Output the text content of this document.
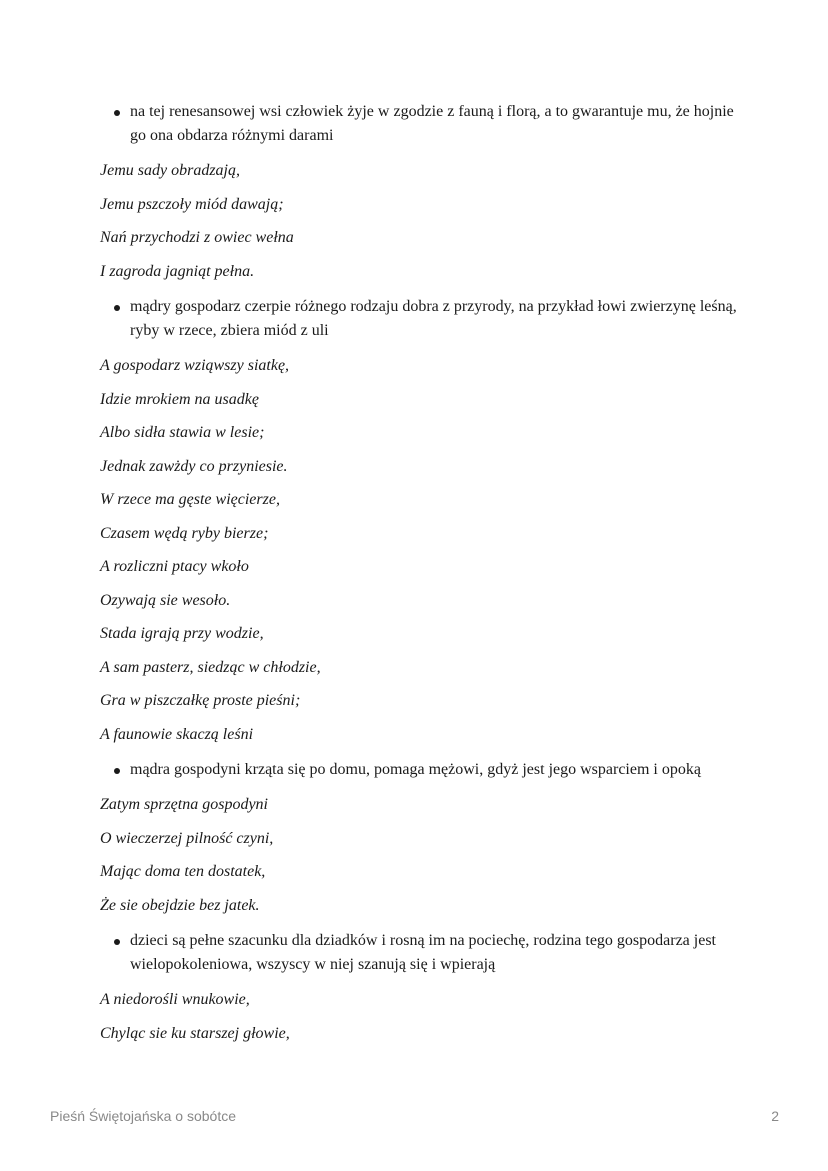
na tej renesansowej wsi człowiek żyje w zgodzie z fauną i florą, a to gwarantuje mu, że hojnie go ona obdarza różnymi darami
Jemu sady obradzają,
Jemu pszczoły miód dawają;
Nań przychodzi z owiec wełna
I zagroda jagniąt pełna.
mądry gospodarz czerpie różnego rodzaju dobra z przyrody, na przykład łowi zwierzynę leśną, ryby w rzece, zbiera miód z uli
A gospodarz wziąwszy siatkę,
Idzie mrokiem na usadkę
Albo sidła stawia w lesie;
Jednak zawżdy co przyniesie.
W rzece ma gęste więcierze,
Czasem wędą ryby bierze;
A rozliczni ptacy wkoło
Ozywają sie wesoło.
Stada igrają przy wodzie,
A sam pasterz, siedząc w chłodzie,
Gra w piszczałkę proste pieśni;
A faunowie skaczą leśni
mądra gospodyni krząta się po domu, pomaga mężowi, gdyż jest jego wsparciem i opoką
Zatym sprzętna gospodyni
O wieczerzej pilność czyni,
Mając doma ten dostatek,
Że sie obejdzie bez jatek.
dzieci są pełne szacunku dla dziadków i rosną im na pociechę, rodzina tego gospodarza jest wielopokoleniowa, wszyscy w niej szanują się i wpierają
A niedorośli wnukowie,
Chyląc sie ku starszej głowie,
Pieśń Świętojańska o sobótce	2
